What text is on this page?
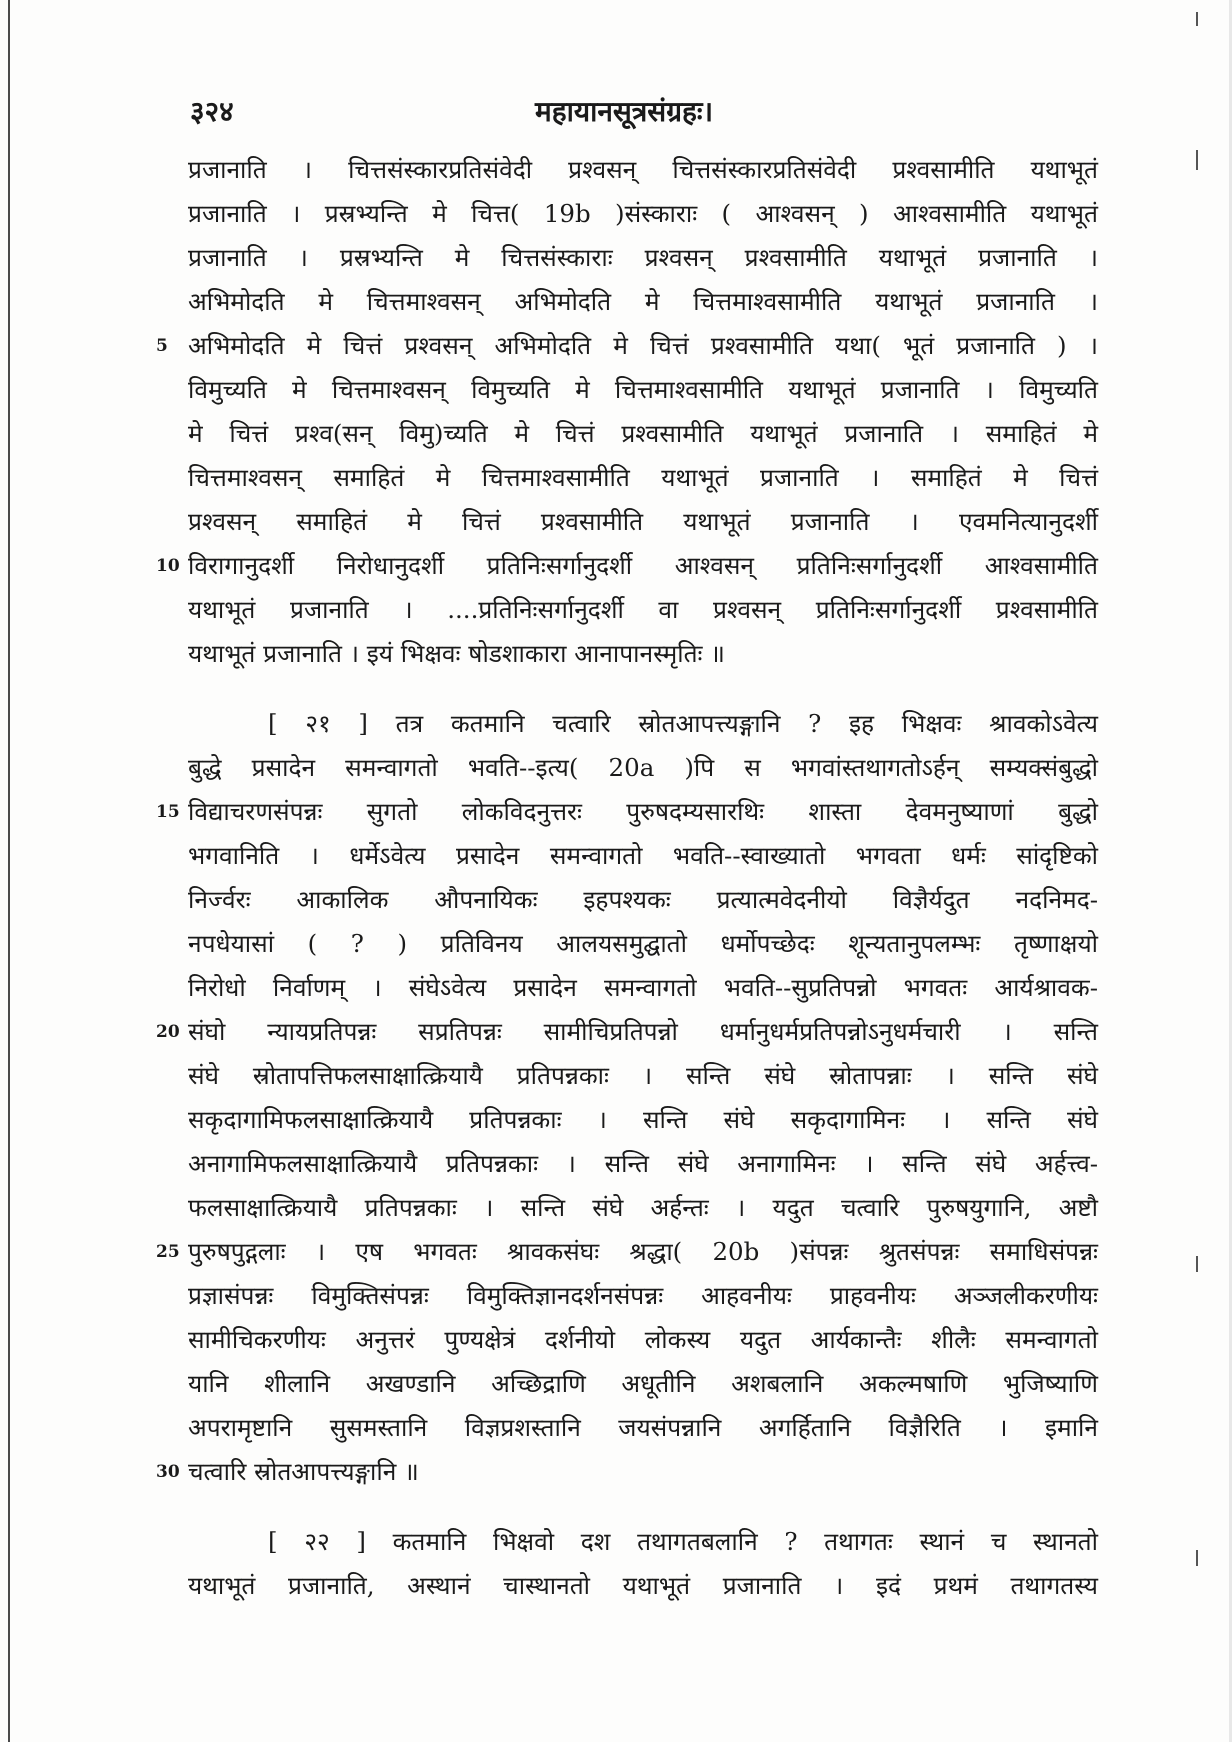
३२४	महायानसूत्रसंग्रहः।
प्रजानाति । चित्तसंस्कारप्रतिसंवेदी प्रश्वसन् चित्तसंस्कारप्रतिसंवेदी प्रश्वसामीति यथाभूतं
प्रजानाति । प्रस्रभ्यन्ति मे चित्त( 19b )संस्काराः ( आश्वसन् ) आश्वसामीति यथाभूतं
प्रजानाति । प्रस्रभ्यन्ति मे चित्तसंस्काराः प्रश्वसन् प्रश्वसामीति यथाभूतं प्रजानाति ।
अभिमोदति मे चित्तमाश्वसन् अभिमोदति मे चित्तमाश्वसामीति यथाभूतं प्रजानाति ।
5 अभिमोदति मे चित्तं प्रश्वसन् अभिमोदति मे चित्तं प्रश्वसामीति यथा( भूतं प्रजानाति ) ।
विमुच्यति मे चित्तमाश्वसन् विमुच्यति मे चित्तमाश्वसामीति यथाभूतं प्रजानाति । विमुच्यति
मे चित्तं प्रश्व(सन् विमु)च्यति मे चित्तं प्रश्वसामीति यथाभूतं प्रजानाति । समाहितं मे
चित्तमाश्वसन् समाहितं मे चित्तमाश्वसामीति यथाभूतं प्रजानाति । समाहितं मे चित्तं
प्रश्वसन् समाहितं मे चित्तं प्रश्वसामीति यथाभूतं प्रजानाति । एवमनित्यानुदर्शी
10 विरागानुदर्शी निरोधानुदर्शी प्रतिनिःसर्गानुदर्शी आश्वसन् प्रतिनिःसर्गानुदर्शी आश्वसामीति
यथाभूतं प्रजानाति । ....प्रतिनिःसर्गानुदर्शी वा प्रश्वसन् प्रतिनिःसर्गानुदर्शी प्रश्वसामीति
यथाभूतं प्रजानाति । इयं भिक्षवः षोडशाकारा आनापानस्मृतिः ॥
[ २१ ] तत्र कतमानि चत्वारि स्रोतआपत्त्यङ्गानि ? इह भिक्षवः श्रावकोऽवेत्य
बुद्धे प्रसादेन समन्वागतो भवति--इत्य( 20a )पि स भगवांस्तथागतोऽर्हन् सम्यक्संबुद्धो
15 विद्याचरणसंपन्नः सुगतो लोकविदनुत्तरः पुरुषदम्यसारथिः शास्ता देवमनुष्याणां बुद्धो
भगवानिति । धर्मेऽवेत्य प्रसादेन समन्वागतो भवति--स्वाख्यातो भगवता धर्मः सांदृष्टिको
निर्ज्वरः आकालिक औपनायिकः इहपश्यकः प्रत्यात्मवेदनीयो विज्ञैर्यदुत नदनिमद-
नपधेयासां ( ? ) प्रतिविनय आलयसमुद्घातो धर्मोपच्छेदः शून्यतानुपलम्भः तृष्णाक्षयो
निरोधो निर्वाणम् । संघेऽवेत्य प्रसादेन समन्वागतो भवति--सुप्रतिपन्नो भगवतः आर्यश्रावक-
20 संघो न्यायप्रतिपन्नः सप्रतिपन्नः सामीचिप्रतिपन्नो धर्मानुधर्मप्रतिपन्नोऽनुधर्मचारी । सन्ति
संघे स्रोतापत्तिफलसाक्षात्क्रियायै प्रतिपन्नकाः । सन्ति संघे स्रोतापन्नाः । सन्ति संघे
सकृदागामिफलसाक्षात्क्रियायै प्रतिपन्नकाः । सन्ति संघे सकृदागामिनः । सन्ति संघे
अनागामिफलसाक्षात्क्रियायै प्रतिपन्नकाः । सन्ति संघे अनागामिनः । सन्ति संघे अर्हत्त्व-
फलसाक्षात्क्रियायै प्रतिपन्नकाः । सन्ति संघे अर्हन्तः । यदुत चत्वारि पुरुषयुगानि, अष्टौ
25 पुरुषपुद्गलाः । एष भगवतः श्रावकसंघः श्रद्धा( 20b )संपन्नः श्रुतसंपन्नः समाधिसंपन्नः
प्रज्ञासंपन्नः विमुक्तिसंपन्नः विमुक्तिज्ञानदर्शनसंपन्नः आहवनीयः प्राहवनीयः अञ्जलीकरणीयः
सामीचिकरणीयः अनुत्तरं पुण्यक्षेत्रं दर्शनीयो लोकस्य यदुत आर्यकान्तैः शीलैः समन्वागतो
यानि शीलानि अखण्डानि अच्छिद्राणि अधूतीनि अशबलानि अकल्मषाणि भुजिष्याणि
अपरामृष्टानि सुसमस्तानि विज्ञप्रशस्तानि जयसंपन्नानि अगर्हितानि विज्ञैरिति । इमानि
30 चत्वारि स्रोतआपत्त्यङ्गानि ॥
[ २२ ] कतमानि भिक्षवो दश तथागतबलानि ? तथागतः स्थानं च स्थानतो
यथाभूतं प्रजानाति, अस्थानं चास्थानतो यथाभूतं प्रजानाति । इदं प्रथमं तथागतस्य
